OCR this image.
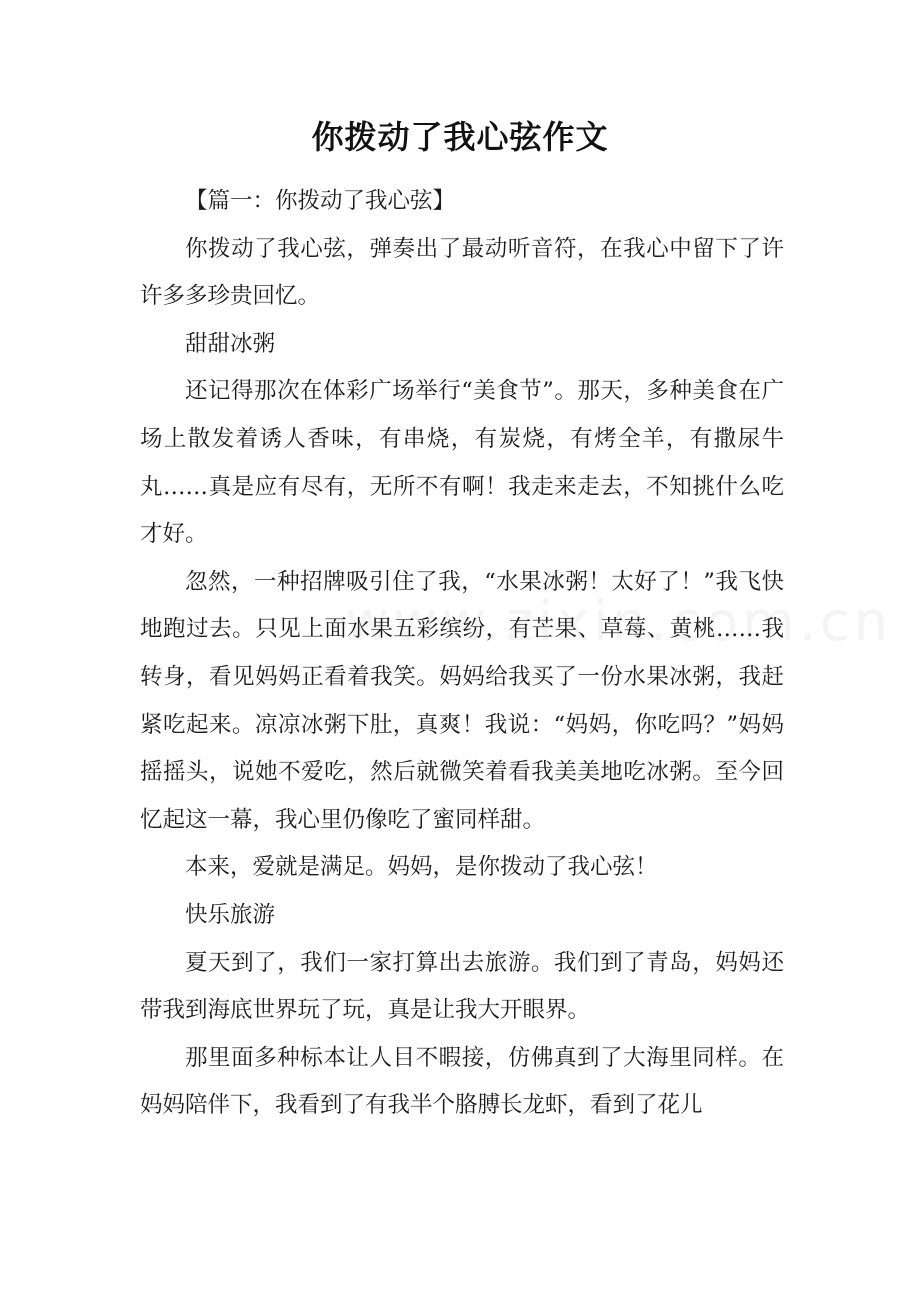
你拨动了我心弦作文

【篇一：你拨动了我心弦】

你拨动了我心弦，弹奏出了最动听音符，在我心中留下了许许多多珍贵回忆。

甜甜冰粥

还记得那次在体彩广场举行“美食节”。那天，多种美食在广场上散发着诱人香味，有串烧，有炭烧，有烤全羊，有撒尿牛丸……真是应有尽有，无所不有啊！我走来走去，不知挑什么吃才好。

忽然，一种招牌吸引住了我，“水果冰粥！太好了！”我飞快地跑过去。只见上面水果五彩缤纷，有芒果、草莓、黄桃……我转身，看见妈妈正看着我笑。妈妈给我买了一份水果冰粥，我赶紧吃起来。凉凉冰粥下肚，真爽！我说：“妈妈，你吃吗？”妈妈摇摇头，说她不爱吃，然后就微笑着看我美美地吃冰粥。至今回忆起这一幕，我心里仍像吃了蜜同样甜。

本来，爱就是满足。妈妈，是你拨动了我心弦！

快乐旅游

夏天到了，我们一家打算出去旅游。我们到了青岛，妈妈还带我到海底世界玩了玩，真是让我大开眼界。

那里面多种标本让人目不暇接，仿佛真到了大海里同样。在妈妈陪伴下，我看到了有我半个胳膊长龙虾，看到了花儿
